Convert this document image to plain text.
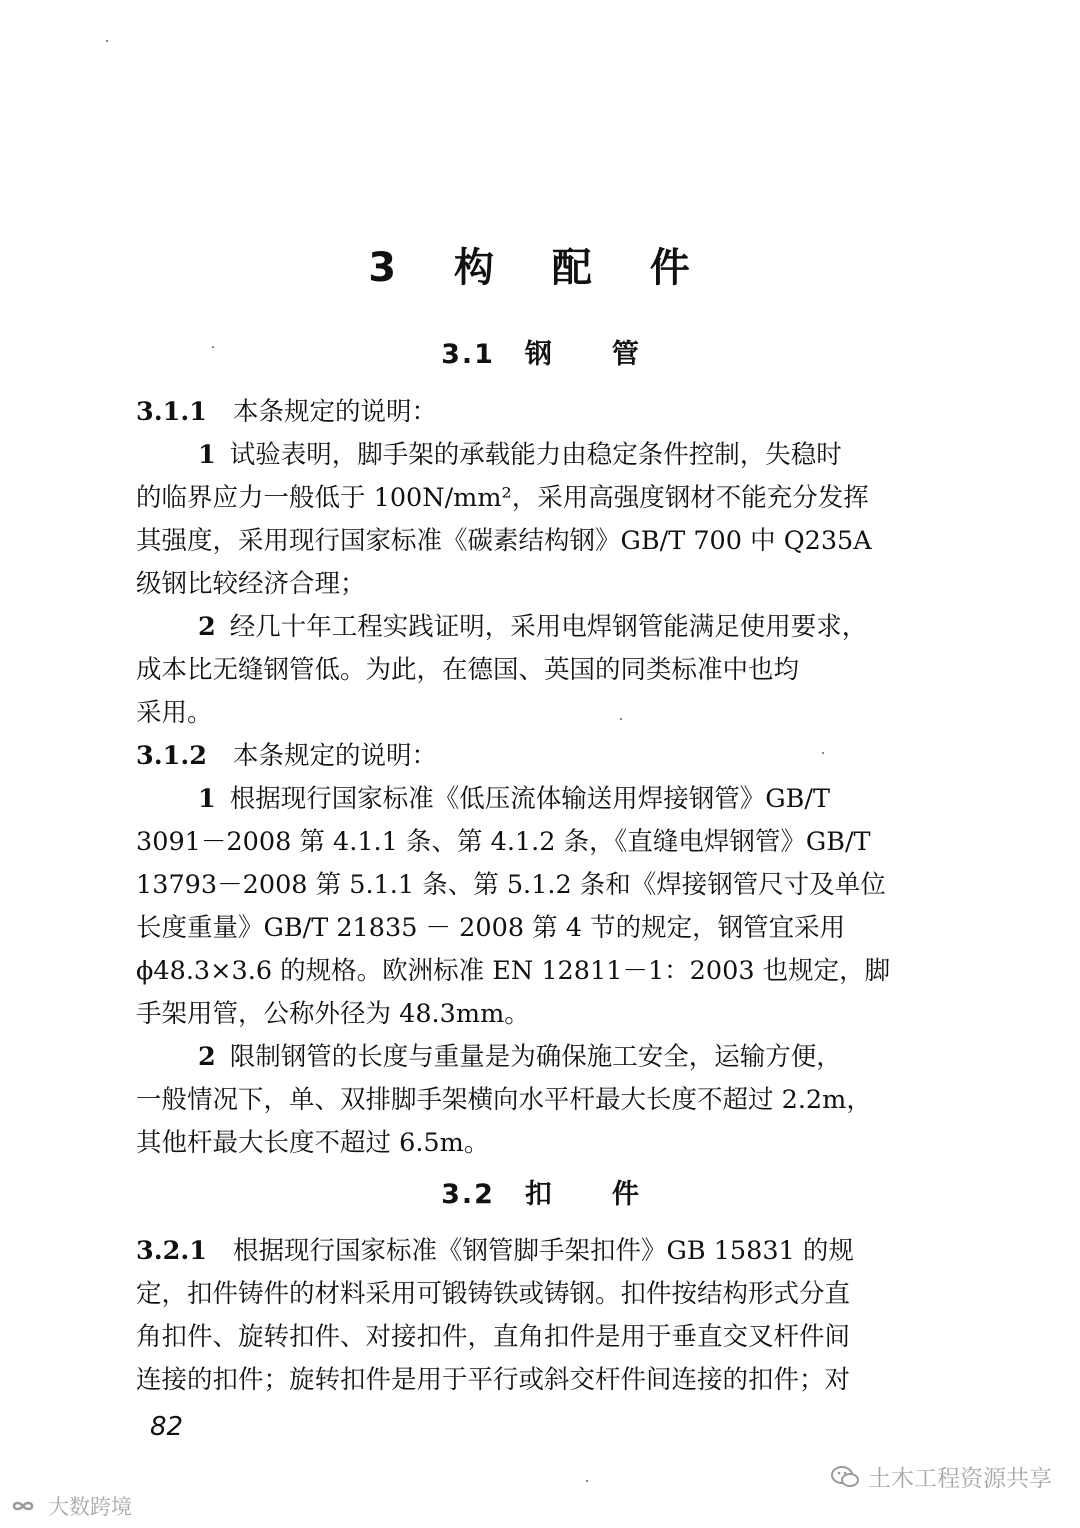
3 构 配 件
3.1 钢 管
3.1.1 本条规定的说明：
1 试验表明，脚手架的承载能力由稳定条件控制，失稳时
的临界应力一般低于 100N/mm²，采用高强度钢材不能充分发挥
其强度，采用现行国家标准《碳素结构钢》GB/T 700 中 Q235A
级钢比较经济合理；
2 经几十年工程实践证明，采用电焊钢管能满足使用要求，
成本比无缝钢管低。为此，在德国、英国的同类标准中也均
采用。
3.1.2 本条规定的说明：
1 根据现行国家标准《低压流体输送用焊接钢管》GB/T
3091－2008 第 4.1.1 条、第 4.1.2 条，《直缝电焊钢管》GB/T
13793－2008 第 5.1.1 条、第 5.1.2 条和《焊接钢管尺寸及单位
长度重量》GB/T 21835 － 2008 第 4 节的规定，钢管宜采用
ϕ48.3×3.6 的规格。欧洲标准 EN 12811－1：2003 也规定，脚
手架用管，公称外径为 48.3mm。
2 限制钢管的长度与重量是为确保施工安全，运输方便，
一般情况下，单、双排脚手架横向水平杆最大长度不超过 2.2m，
其他杆最大长度不超过 6.5m。
3.2 扣 件
3.2.1 根据现行国家标准《钢管脚手架扣件》GB 15831 的规
定，扣件铸件的材料采用可锻铸铁或铸钢。扣件按结构形式分直
角扣件、旋转扣件、对接扣件，直角扣件是用于垂直交叉杆件间
连接的扣件；旋转扣件是用于平行或斜交杆件间连接的扣件；对
82
大数跨境
土木工程资源共享
